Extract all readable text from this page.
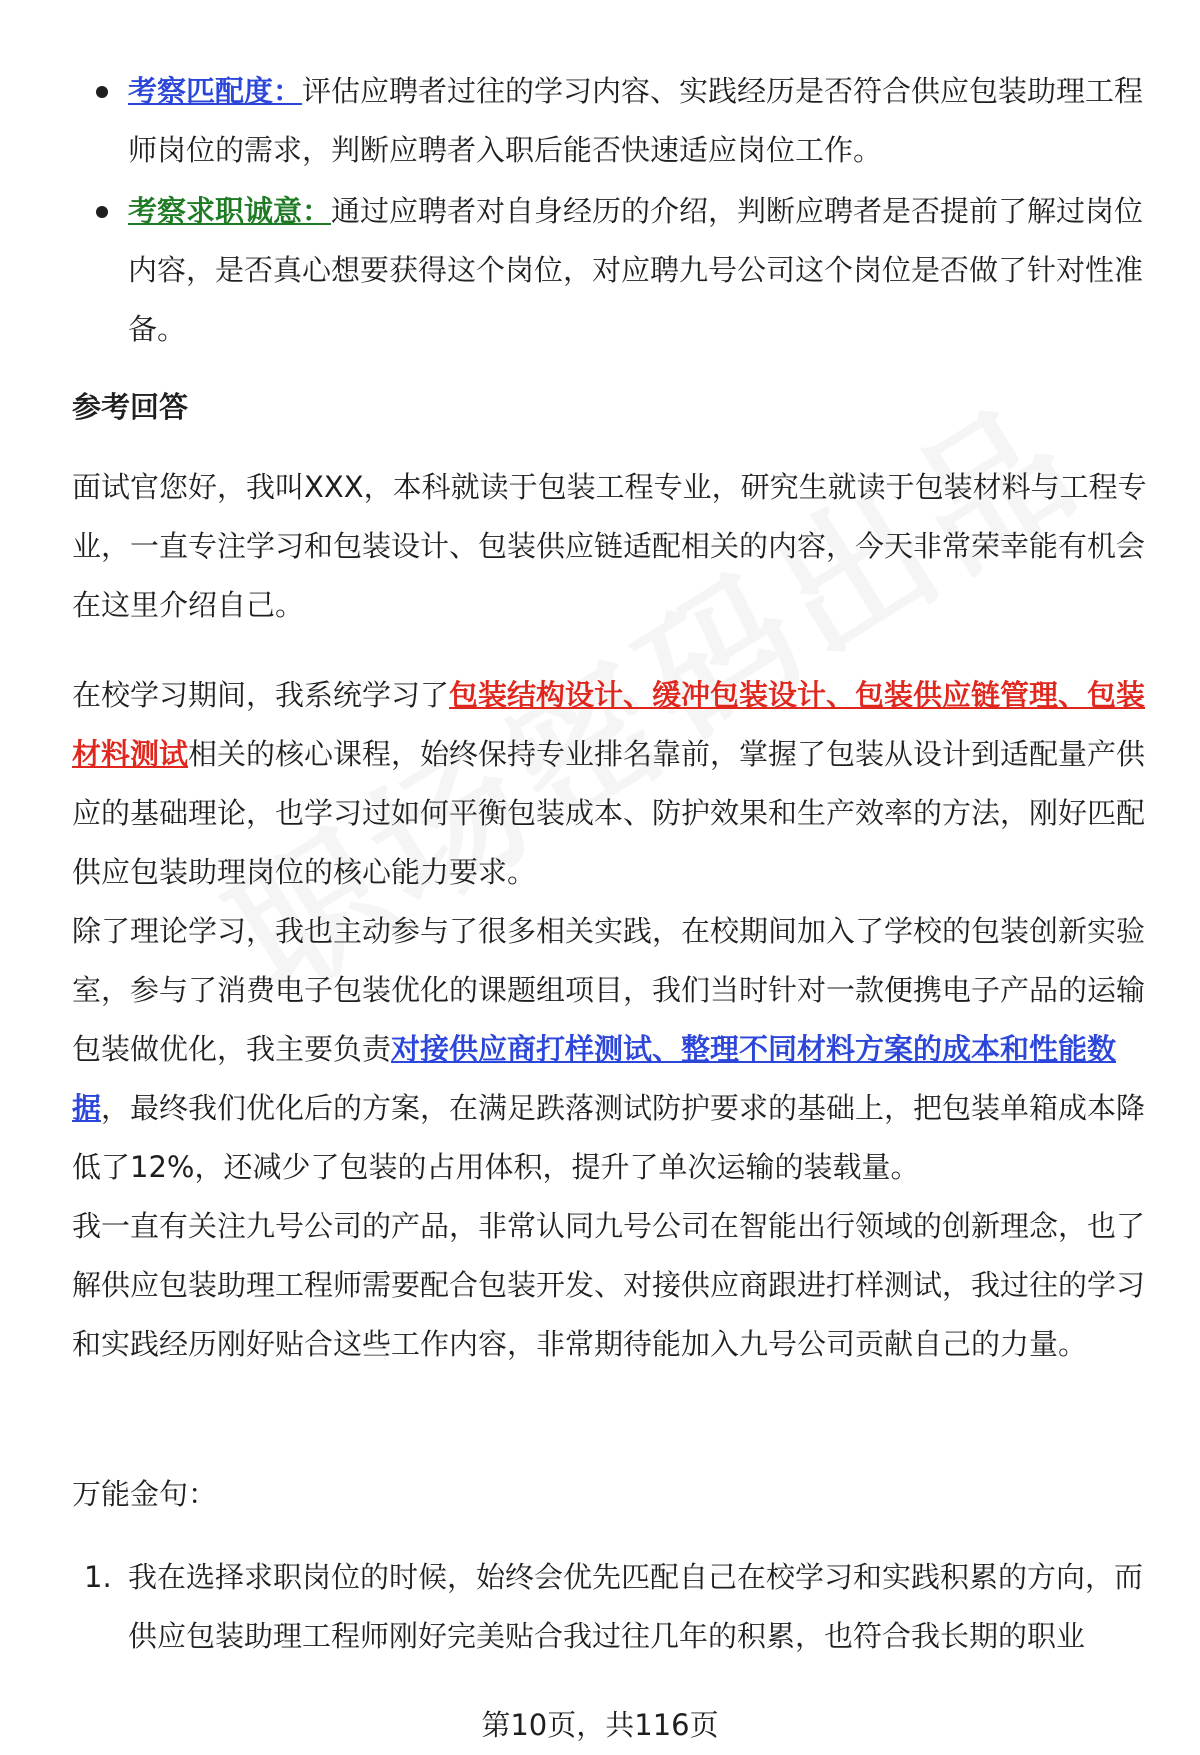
考察匹配度：评估应聘者过往的学习内容、实践经历是否符合供应包装助理工程师岗位的需求，判断应聘者入职后能否快速适应岗位工作。
考察求职诚意：通过应聘者对自身经历的介绍，判断应聘者是否提前了解过岗位内容，是否真心想要获得这个岗位，对应聘九号公司这个岗位是否做了针对性准备。
参考回答

面试官您好，我叫XXX，本科就读于包装工程专业，研究生就读于包装材料与工程专业，一直专注学习和包装设计、包装供应链适配相关的内容，今天非常荣幸能有机会在这里介绍自己。

在校学习期间，我系统学习了包装结构设计、缓冲包装设计、包装供应链管理、包装材料测试相关的核心课程，始终保持专业排名靠前，掌握了包装从设计到适配量产供应的基础理论，也学习过如何平衡包装成本、防护效果和生产效率的方法，刚好匹配供应包装助理岗位的核心能力要求。

除了理论学习，我也主动参与了很多相关实践，在校期间加入了学校的包装创新实验室，参与了消费电子包装优化的课题组项目，我们当时针对一款便携电子产品的运输包装做优化，我主要负责对接供应商打样测试、整理不同材料方案的成本和性能数据，最终我们优化后的方案，在满足跌落测试防护要求的基础上，把包装单箱成本降低了12%，还减少了包装的占用体积，提升了单次运输的装载量。

我一直有关注九号公司的产品，非常认同九号公司在智能出行领域的创新理念，也了解供应包装助理工程师需要配合包装开发、对接供应商跟进打样测试，我过往的学习和实践经历刚好贴合这些工作内容，非常期待能加入九号公司贡献自己的力量。

万能金句：
1. 我在选择求职岗位的时候，始终会优先匹配自己在校学习和实践积累的方向，而供应包装助理工程师刚好完美贴合我过往几年的积累，也符合我长期的职业
第10页，共116页
